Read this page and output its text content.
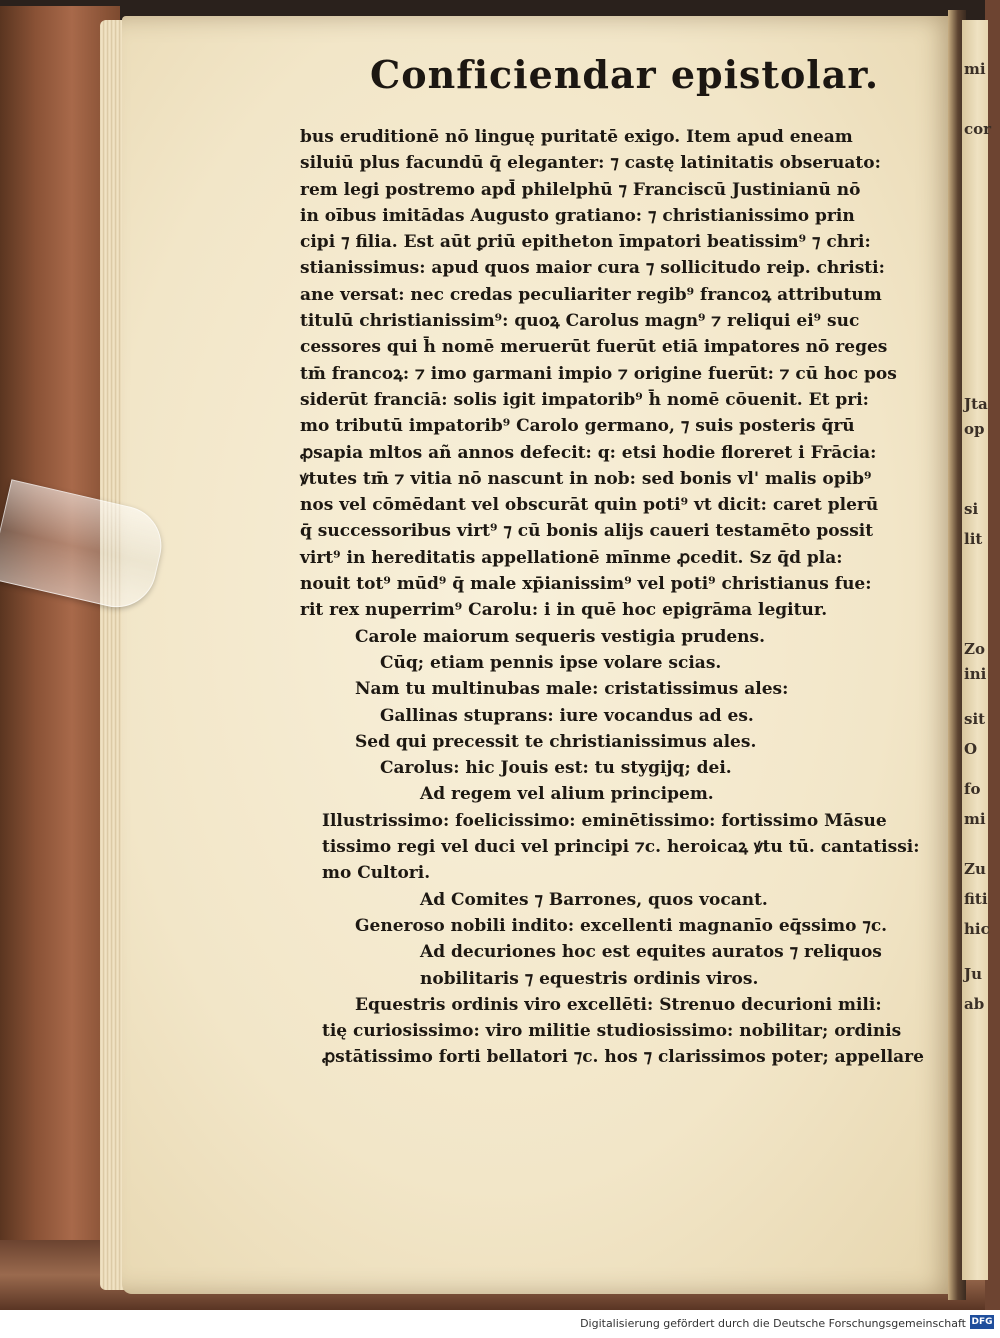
mi
cor
Jta
op
si
lit
Zo
ini
sit
O
fo
mi
Zu
fiti
hic
Ju
ab
Conficiendar epistolar.
bus eruditionē nō linguę puritatē exigo. Item apud eneam
siluiū plus facundū q̄ eleganter: ⁊ castę latinitatis obseruato:
rem legi postremo apd̄ philelphū ⁊ Franciscū Justinianū nō
in oībus imitādas Augusto gratiano: ⁊ christianissimo prin
cipi ⁊ filia. Est aūt ꝑriū epitheton īmpatori beatissim⁹ ⁊ chri:
stianissimus: apud quos maior cura ⁊ sollicitudo reip. christi:
ane versat: nec credas peculiariter regib⁹ francoꝝ attributum
titulū christianissim⁹: quoꝝ Carolus magn⁹ ⁊ reliqui ei⁹ suc
cessores qui h̄ nomē meruerūt fuerūt etiā impatores nō reges
tm̄ francoꝝ: ⁊ imo garmani impio ⁊ origine fuerūt: ⁊ cū hoc pos
siderūt franciā: solis igit impatorib⁹ h̄ nomē cōuenit. Et pri:
mo tributū impatorib⁹ Carolo germano, ⁊ suis posteris q̄rū
ꝓsapia mltos añ annos defecit: q: etsi hodie floreret i Frācia:
ꝟtutes tm̄ ⁊ vitia nō nascunt in nob: sed bonis vl' malis opib⁹
nos vel cōmēdant vel obscurāt quin poti⁹ vt dicit: caret plerū
q̄ successoribus virt⁹ ⁊ cū bonis alijs caueri testamēto possit
virt⁹ in hereditatis appellationē mīnme ꝓcedit. Sz q̄d pla:
nouit tot⁹ mūd⁹ q̄ male xp̄ianissim⁹ vel poti⁹ christianus fue:
rit rex nuperrim⁹ Carolu: i in quē hoc epigrāma legitur.
Carole maiorum sequeris vestigia prudens.
Cūq; etiam pennis ipse volare scias.
Nam tu multinubas male: cristatissimus ales:
Gallinas stuprans: iure vocandus ad es.
Sed qui precessit te christianissimus ales.
Carolus: hic Jouis est: tu stygijq; dei.
Ad regem vel alium principem.
Illustrissimo: foelicissimo: eminētissimo: fortissimo Māsue
tissimo regi vel duci vel principi ⁊c. heroicaꝝ ꝟtu tū. cantatissi:
mo Cultori.
Ad Comites ⁊ Barrones, quos vocant.
Generoso nobili indito: excellenti magnanīo eq̄ssimo ⁊c.
Ad decuriones hoc est equites auratos ⁊ reliquos
nobilitaris ⁊ equestris ordinis viros.
Equestris ordinis viro excellēti: Strenuo decurioni mili:
tię curiosissimo: viro militie studiosissimo: nobilitar; ordinis
ꝓstātissimo forti bellatori ⁊c. hos ⁊ clarissimos poter; appellare
Digitalisierung gefördert durch die Deutsche Forschungsgemeinschaft DFG
